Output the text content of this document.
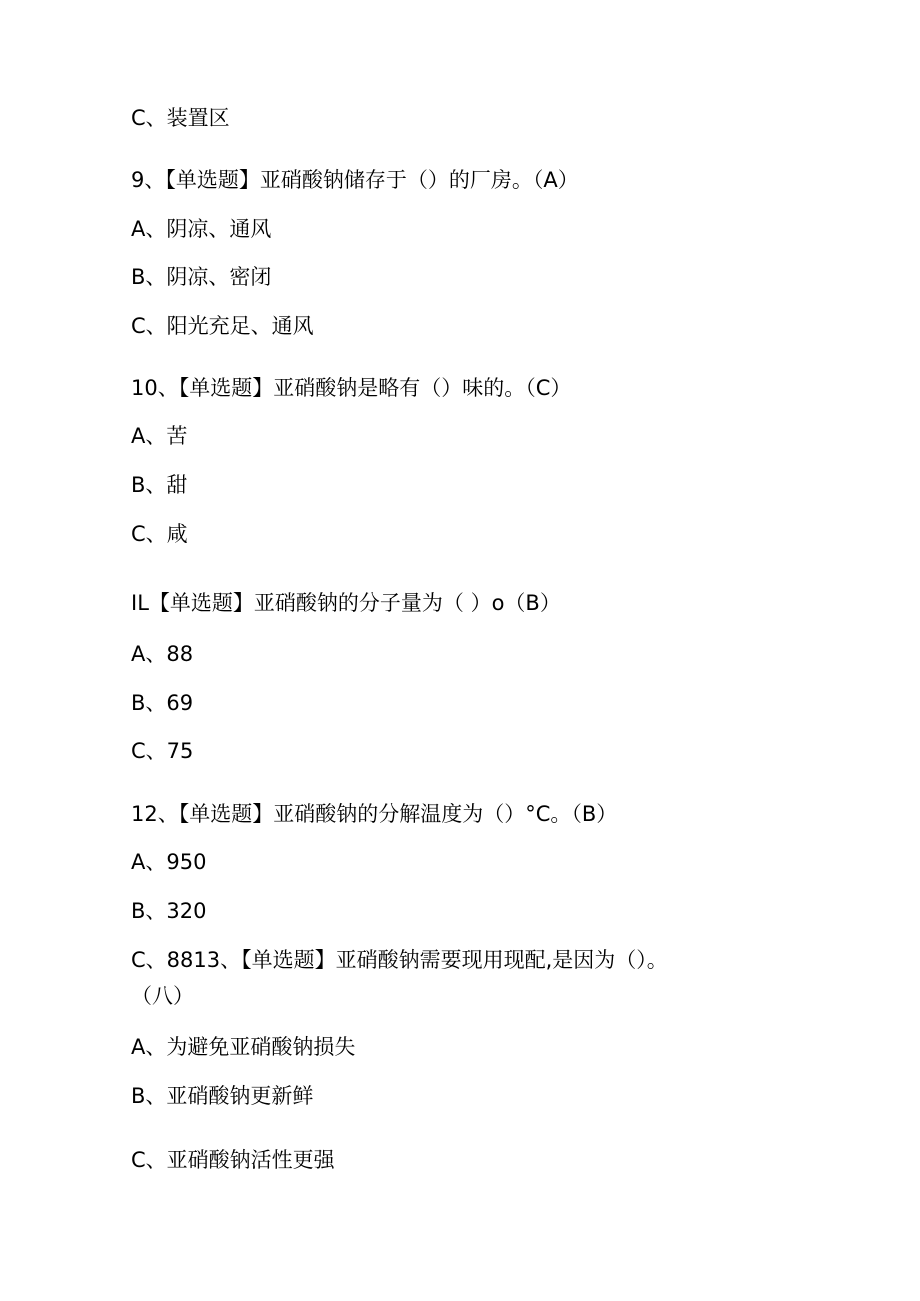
C、装置区

9、【单选题】亚硝酸钠储存于（）的厂房。（A）

A、阴凉、通风

B、阴凉、密闭

C、阳光充足、通风

10、【单选题】亚硝酸钠是略有（）味的。（C）

A、苦

B、甜

C、咸

IL【单选题】亚硝酸钠的分子量为（ ）o（B）

A、88

B、69

C、75

12、【单选题】亚硝酸钠的分解温度为（）°C。（B）

A、950

B、320

C、8813、【单选题】亚硝酸钠需要现用现配,是因为（）。

（八）

A、为避免亚硝酸钠损失

B、亚硝酸钠更新鲜

C、亚硝酸钠活性更强
